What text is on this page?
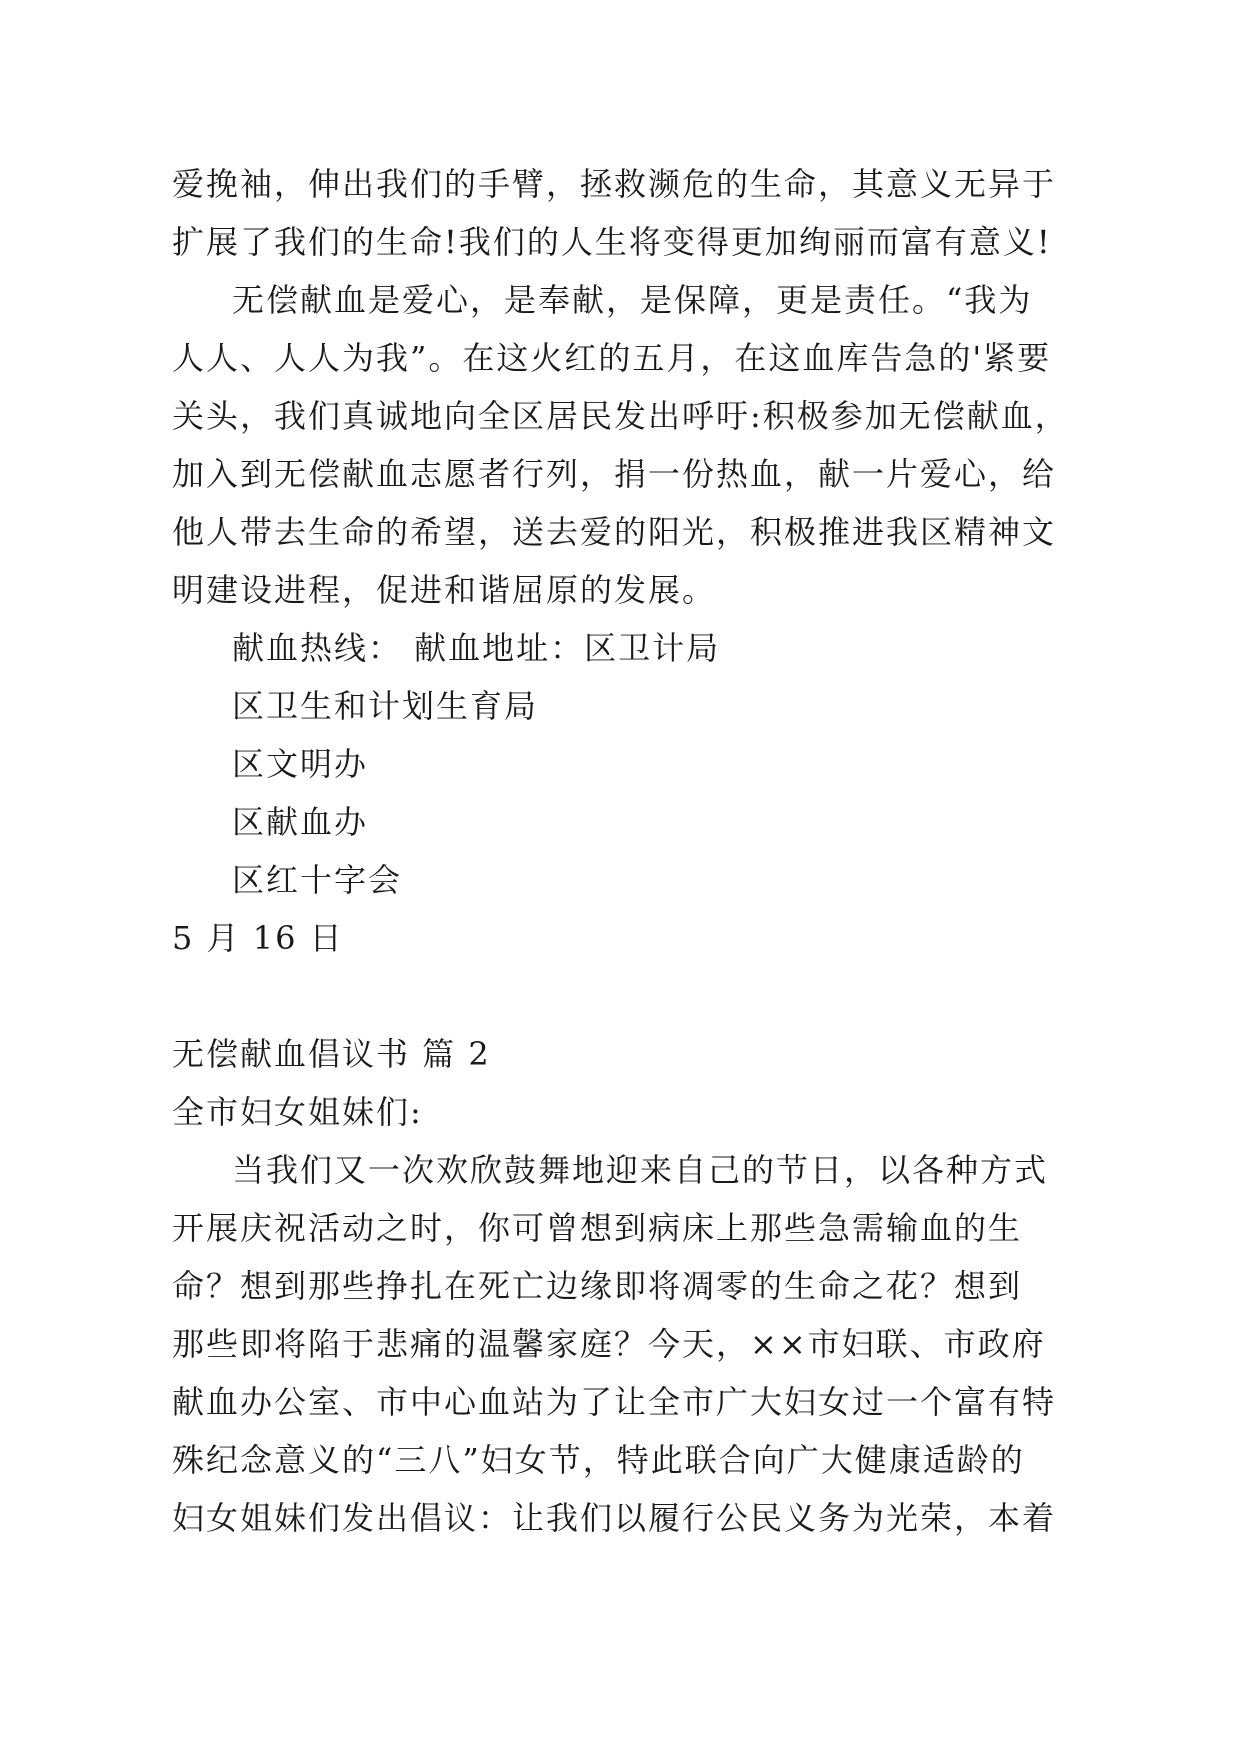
爱挽袖，伸出我们的手臂，拯救濒危的生命，其意义无异于
扩展了我们的生命!我们的人生将变得更加绚丽而富有意义!
无偿献血是爱心，是奉献，是保障，更是责任。“我为
人人、人人为我”。在这火红的五月，在这血库告急的'紧要
关头，我们真诚地向全区居民发出呼吁:积极参加无偿献血，
加入到无偿献血志愿者行列，捐一份热血，献一片爱心，给
他人带去生命的希望，送去爱的阳光，积极推进我区精神文
明建设进程，促进和谐屈原的发展。
献血热线： 献血地址：区卫计局
区卫生和计划生育局
区文明办
区献血办
区红十字会
5 月 16 日
无偿献血倡议书 篇 2
全市妇女姐妹们:
当我们又一次欢欣鼓舞地迎来自己的节日，以各种方式
开展庆祝活动之时，你可曾想到病床上那些急需输血的生
命？想到那些挣扎在死亡边缘即将凋零的生命之花？想到
那些即将陷于悲痛的温馨家庭？今天，××市妇联、市政府
献血办公室、市中心血站为了让全市广大妇女过一个富有特
殊纪念意义的“三八”妇女节，特此联合向广大健康适龄的
妇女姐妹们发出倡议：让我们以履行公民义务为光荣，本着
